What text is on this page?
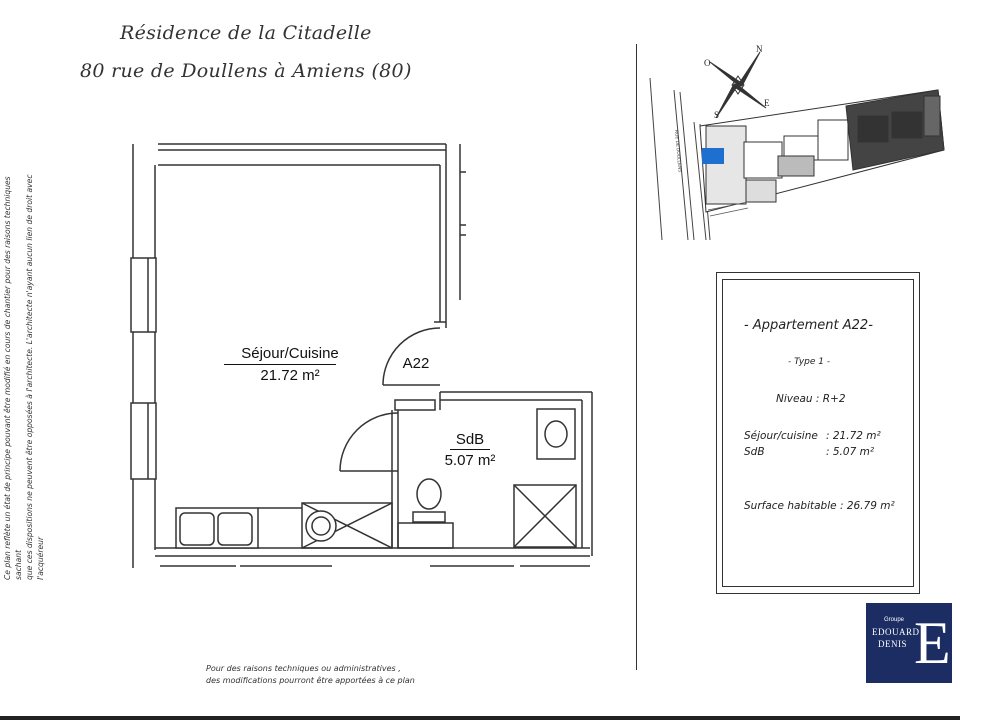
Résidence de la Citadelle
80 rue de Doullens à Amiens (80)
Ce plan reflète un état de principe pouvant être modifié en cours de chantier pour des raisons techniques sachant que ces dispositions ne peuvent être opposées à l'architecte. L'architecte n'ayant aucun lien de droit avec l'acquéreur
Séjour/Cuisine
21.72 m²
A22
SdB
5.07 m²
N
O
S
E
RUE DE DOULLENS
- Appartement A22-
- Type 1 -
Niveau : R+2
Séjour/cuisine : 21.72 m²
SdB	: 5.07 m²
Surface habitable : 26.79 m²
Groupe
EDOUARD
DENIS ED
Pour des raisons techniques ou administratives ,
des modifications pourront être apportées à ce plan
